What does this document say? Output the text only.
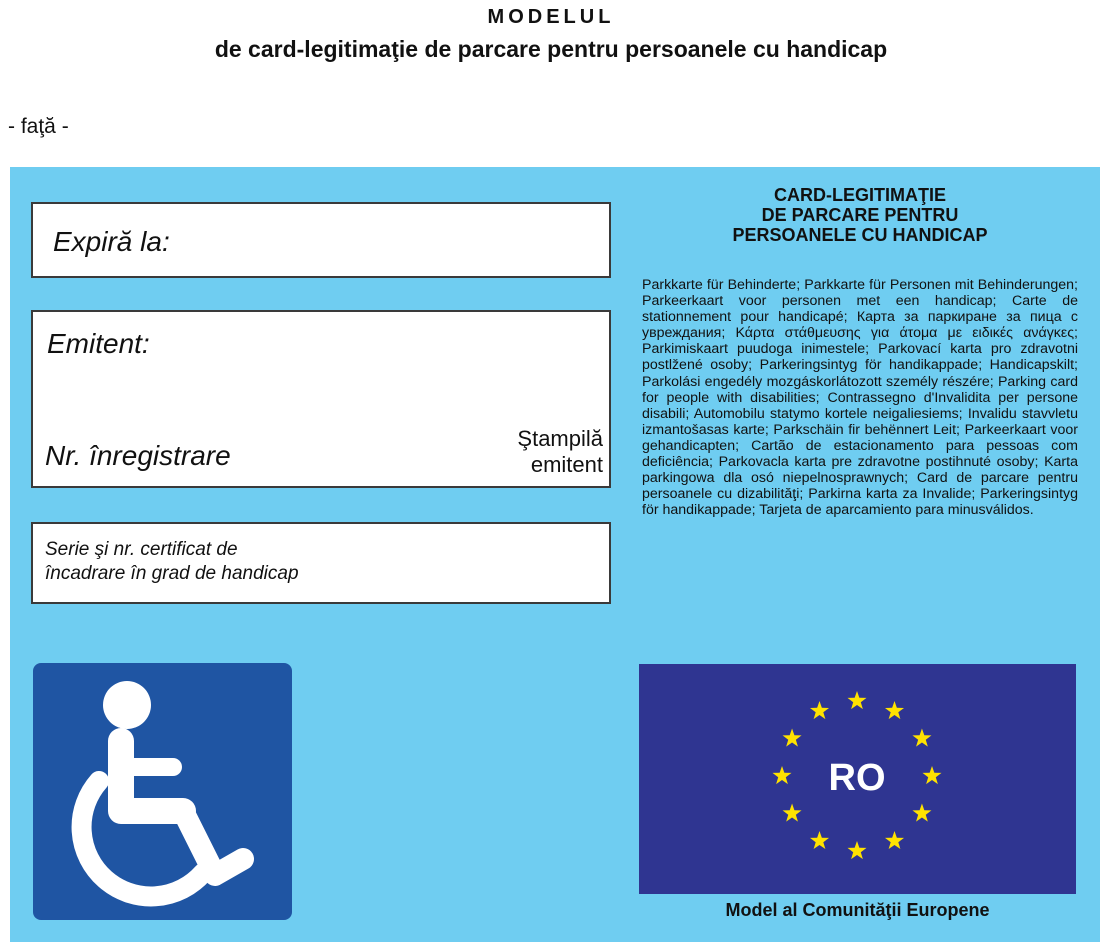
MODELUL
de card-legitimaţie de parcare pentru persoanele cu handicap
- faţă -
Expiră la:
Emitent:
Nr. înregistrare
Ştampilă
emitent
Serie şi nr. certificat de
încadrare în grad de handicap
CARD-LEGITIMAŢIE
DE PARCARE PENTRU
PERSOANELE CU HANDICAP
Parkkarte für Behinderte; Parkkarte für Personen mit Behinderungen; Parkeerkaart voor personen met een handicap; Carte de stationnement pour handicapé; Карта за паркиране за пица с увреждания; Κάρτα στάθμευσης για άτομα με ειδικές ανάγκες; Parkimiskaart puudoga inimestele; Parkovací karta pro zdravotni postlžené osoby; Parkeringsintyg för handikappade; Handicapskilt; Parkolási engedély mozgáskorlátozott személy részére; Parking card for people with disabilities; Contrassegno d'Invalidita per persone disabili; Automobilu statymo kortele neigaliesiems; Invalidu stavvletu izmantošasas karte; Parkschäin fir behënnert Leit; Parkeerkaart voor gehandicapten; Cartão de estacionamento para pessoas com deficiência; Parkovacla karta pre zdravotne postihnuté osoby; Karta parkingowa dla osó niepelnosprawnych; Card de parcare pentru persoanele cu dizabilităţi; Parkirna karta za Invalide; Parkeringsintyg för handikappade; Tarjeta de aparcamiento para minusválidos.
RO
Model al Comunităţii Europene
